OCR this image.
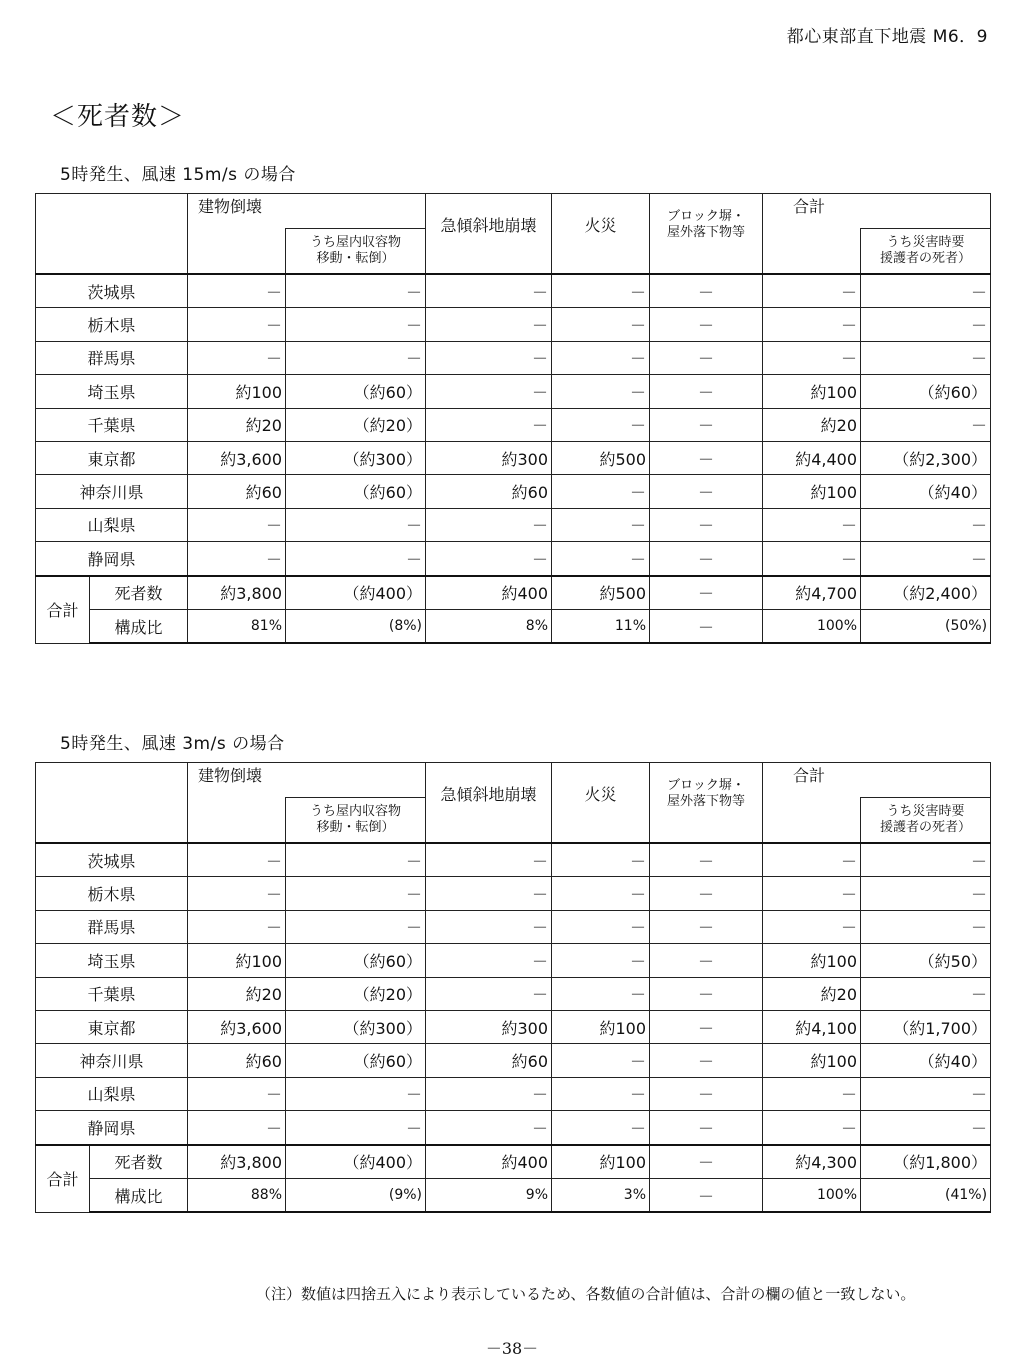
都心東部直下地震 M6．9
＜死者数＞
5時発生、風速 15m/s の場合
		建物倒壊		急傾斜地崩壊	火災	ブロック塀・
屋外落下物等	合計	
			うち屋内収容物
移動・転倒）					うち災害時要
援護者の死者）
茨城県		－	－	－	－	－	－	－
栃木県		－	－	－	－	－	－	－
群馬県		－	－	－	－	－	－	－
埼玉県		約100	（約60）	－	－	－	約100	（約60）
千葉県		約20	（約20）	－	－	－	約20	－
東京都		約3,600	（約300）	約300	約500	－	約4,400	（約2,300）
神奈川県		約60	（約60）	約60	－	－	約100	（約40）
山梨県		－	－	－	－	－	－	－
静岡県		－	－	－	－	－	－	－
合計	死者数	約3,800	（約400）	約400	約500	－	約4,700	（約2,400）
	構成比	81%	(8%)	8%	11%	－	100%	(50%)
5時発生、風速 3m/s の場合
		建物倒壊		急傾斜地崩壊	火災	ブロック塀・
屋外落下物等	合計	
			うち屋内収容物
移動・転倒）					うち災害時要
援護者の死者）
茨城県		－	－	－	－	－	－	－
栃木県		－	－	－	－	－	－	－
群馬県		－	－	－	－	－	－	－
埼玉県		約100	（約60）	－	－	－	約100	（約50）
千葉県		約20	（約20）	－	－	－	約20	－
東京都		約3,600	（約300）	約300	約100	－	約4,100	（約1,700）
神奈川県		約60	（約60）	約60	－	－	約100	（約40）
山梨県		－	－	－	－	－	－	－
静岡県		－	－	－	－	－	－	－
合計	死者数	約3,800	（約400）	約400	約100	－	約4,300	（約1,800）
	構成比	88%	(9%)	9%	3%	－	100%	(41%)
（注）数値は四捨五入により表示しているため、各数値の合計値は、合計の欄の値と一致しない。
－38－
